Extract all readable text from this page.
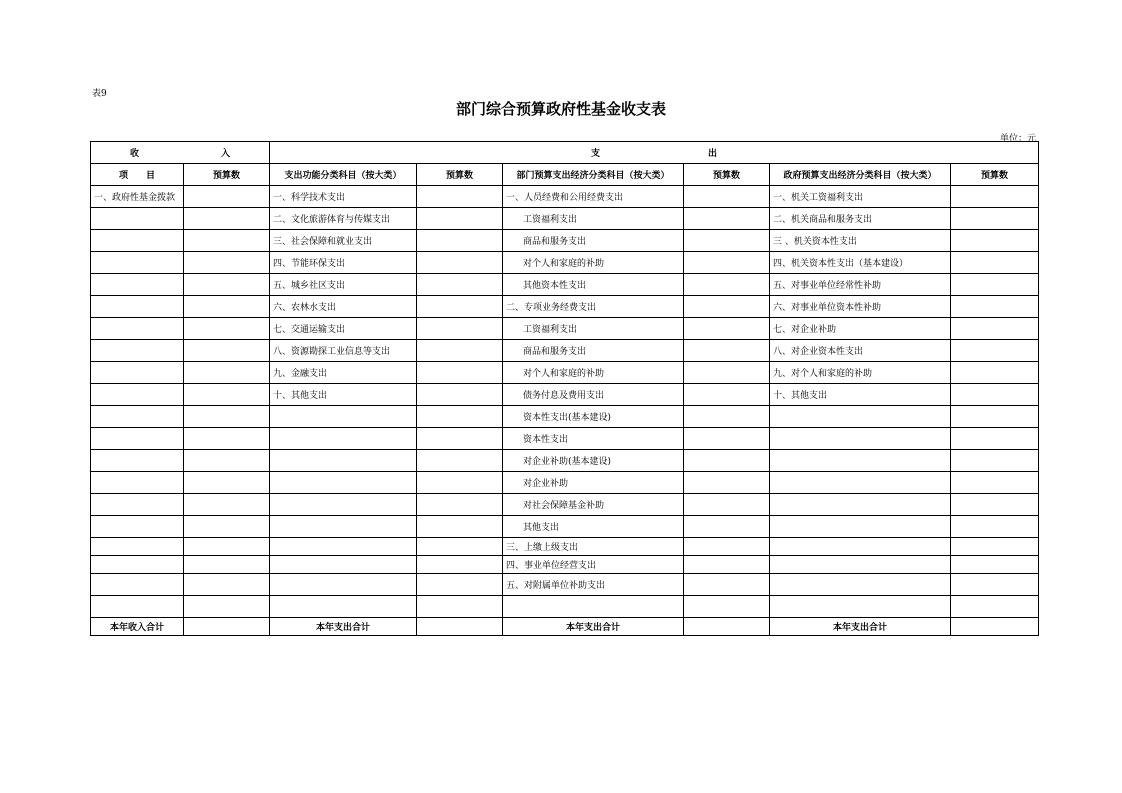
表9
部门综合预算政府性基金收支表
单位：元
收 入		支 出					

项　　目	预算数	支出功能分类科目（按大类）	预算数	部门预算支出经济分类科目（按大类）	预算数	政府预算支出经济分类科目（按大类）	预算数
一、政府性基金拨款		一、科学技术支出		一、人员经费和公用经费支出		一、机关工资福利支出	
		二、文化旅游体育与传媒支出		工资福利支出		二、机关商品和服务支出	
		三、社会保障和就业支出		商品和服务支出		三 、机关资本性支出	
		四、节能环保支出		对个人和家庭的补助		四、机关资本性支出（基本建设）	
		五、城乡社区支出		其他资本性支出		五、对事业单位经常性补助	
		六、农林水支出		二、专项业务经费支出		六、对事业单位资本性补助	
		七、交通运输支出		工资福利支出		七、对企业补助	
		八、资源勘探工业信息等支出		商品和服务支出		八、对企业资本性支出	
		九、金融支出		对个人和家庭的补助		九、对个人和家庭的补助	
		十、其他支出		债务付息及费用支出		十、其他支出	
				资本性支出(基本建设)			
				资本性支出			
				对企业补助(基本建设)			
				对企业补助			
				对社会保障基金补助			
				其他支出			
				三、上缴上级支出			
				四、事业单位经营支出			
				五、对附属单位补助支出			

本年收入合计		本年支出合计		本年支出合计		本年支出合计	
